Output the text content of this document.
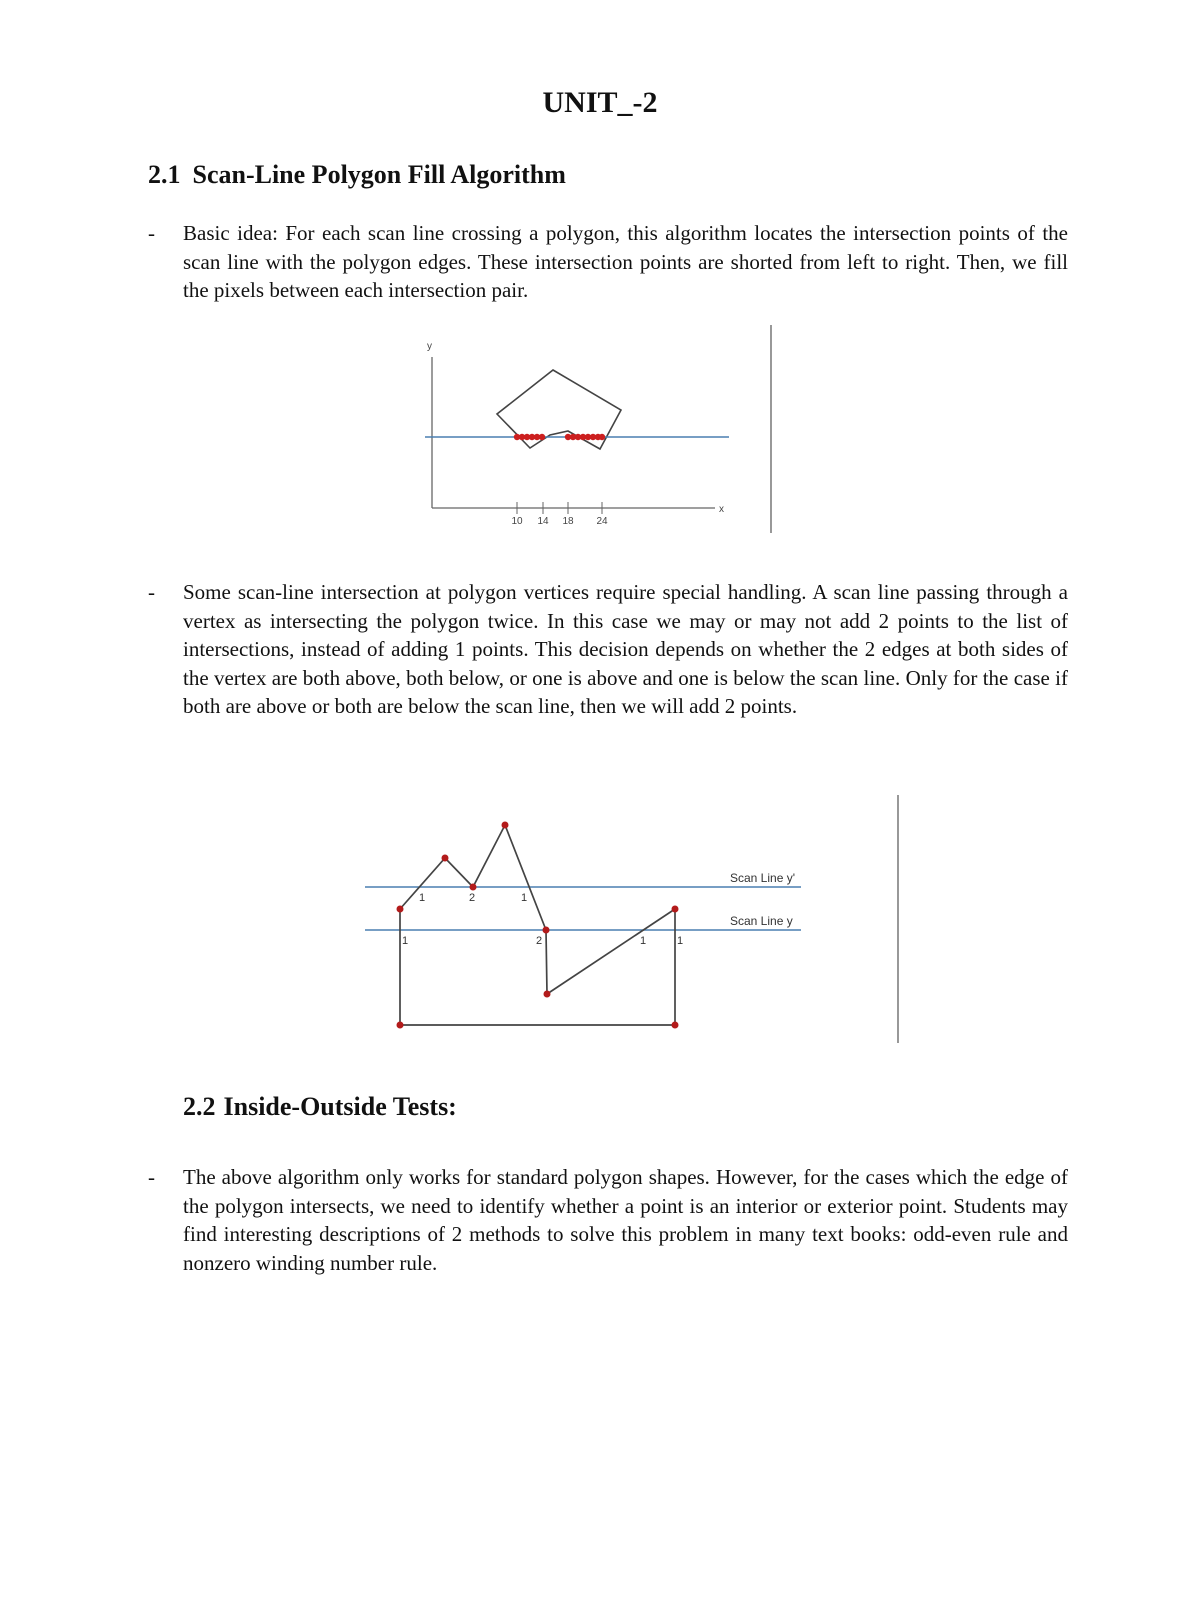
UNIT_-2
2.1 Scan-Line Polygon Fill Algorithm
- Basic idea: For each scan line crossing a polygon, this algorithm locates the intersection points of the scan line with the polygon edges. These intersection points are shorted from left to right. Then, we fill the pixels between each intersection pair.
y
x
10 14 18 24
- Some scan-line intersection at polygon vertices require special handling. A scan line passing through a vertex as intersecting the polygon twice. In this case we may or may not add 2 points to the list of intersections, instead of adding 1 points. This decision depends on whether the 2 edges at both sides of the vertex are both above, both below, or one is above and one is below the scan line. Only for the case if both are above or both are below the scan line, then we will add 2 points.
Scan Line y'
Scan Line y
1	2	1
1	2	1	1
2.2 Inside-Outside Tests:
- The above algorithm only works for standard polygon shapes. However, for the cases which the edge of the polygon intersects, we need to identify whether a point is an interior or exterior point. Students may find interesting descriptions of 2 methods to solve this problem in many text books: odd-even rule and nonzero winding number rule.
